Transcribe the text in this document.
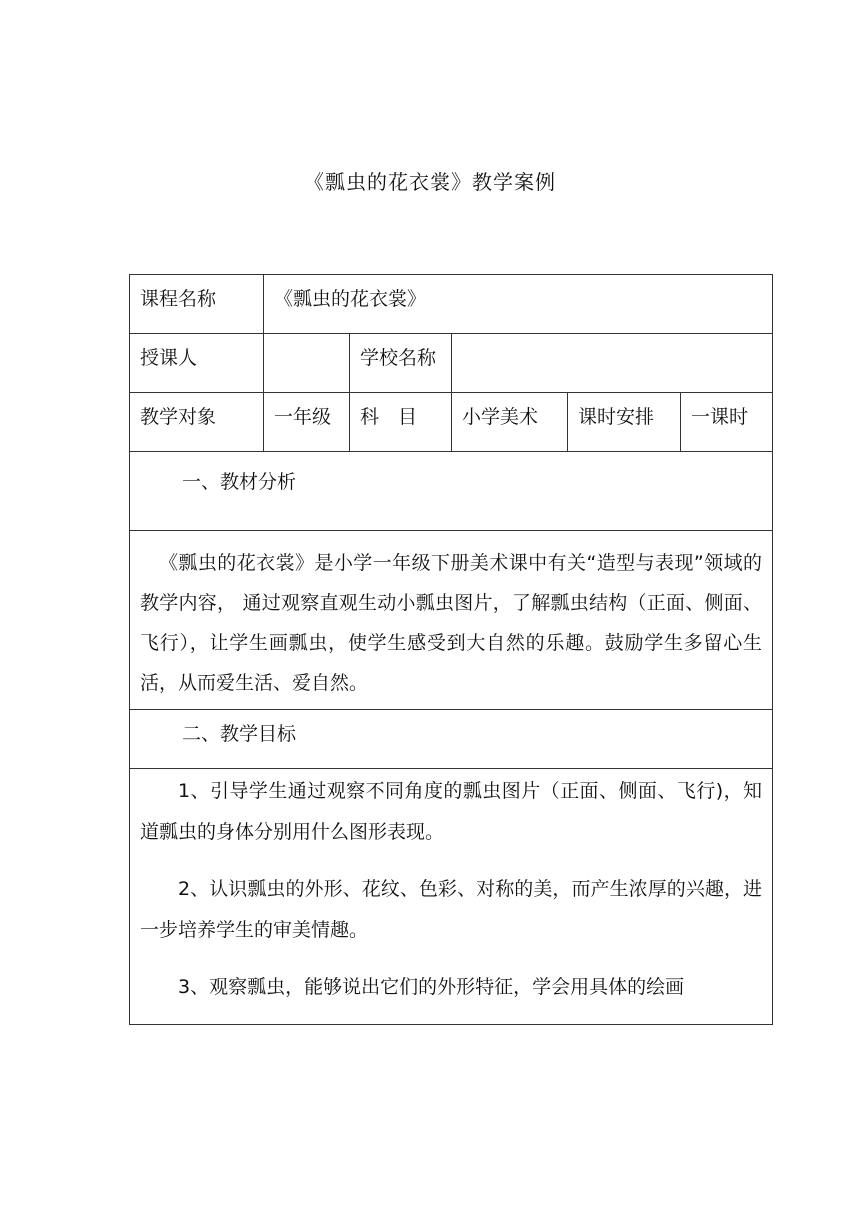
《瓢虫的花衣裳》教学案例
课程名称	《瓢虫的花衣裳》				
授课人		学校名称			
教学对象	一年级	科　目	小学美术	课时安排	一课时
一、教材分析					
《瓢虫的花衣裳》是小学一年级下册美术课中有关“造型与表现”领域的教学内容， 通过观察直观生动小瓢虫图片，了解瓢虫结构（正面、侧面、飞行），让学生画瓢虫，使学生感受到大自然的乐趣。鼓励学生多留心生活，从而爱生活、爱自然。					
二、教学目标					

1、引导学生通过观察不同角度的瓢虫图片（正面、侧面、飞行)，知道瓢虫的身体分别用什么图形表现。

2、认识瓢虫的外形、花纹、色彩、对称的美，而产生浓厚的兴趣，进一步培养学生的审美情趣。

3、观察瓢虫，能够说出它们的外形特征，学会用具体的绘画					
